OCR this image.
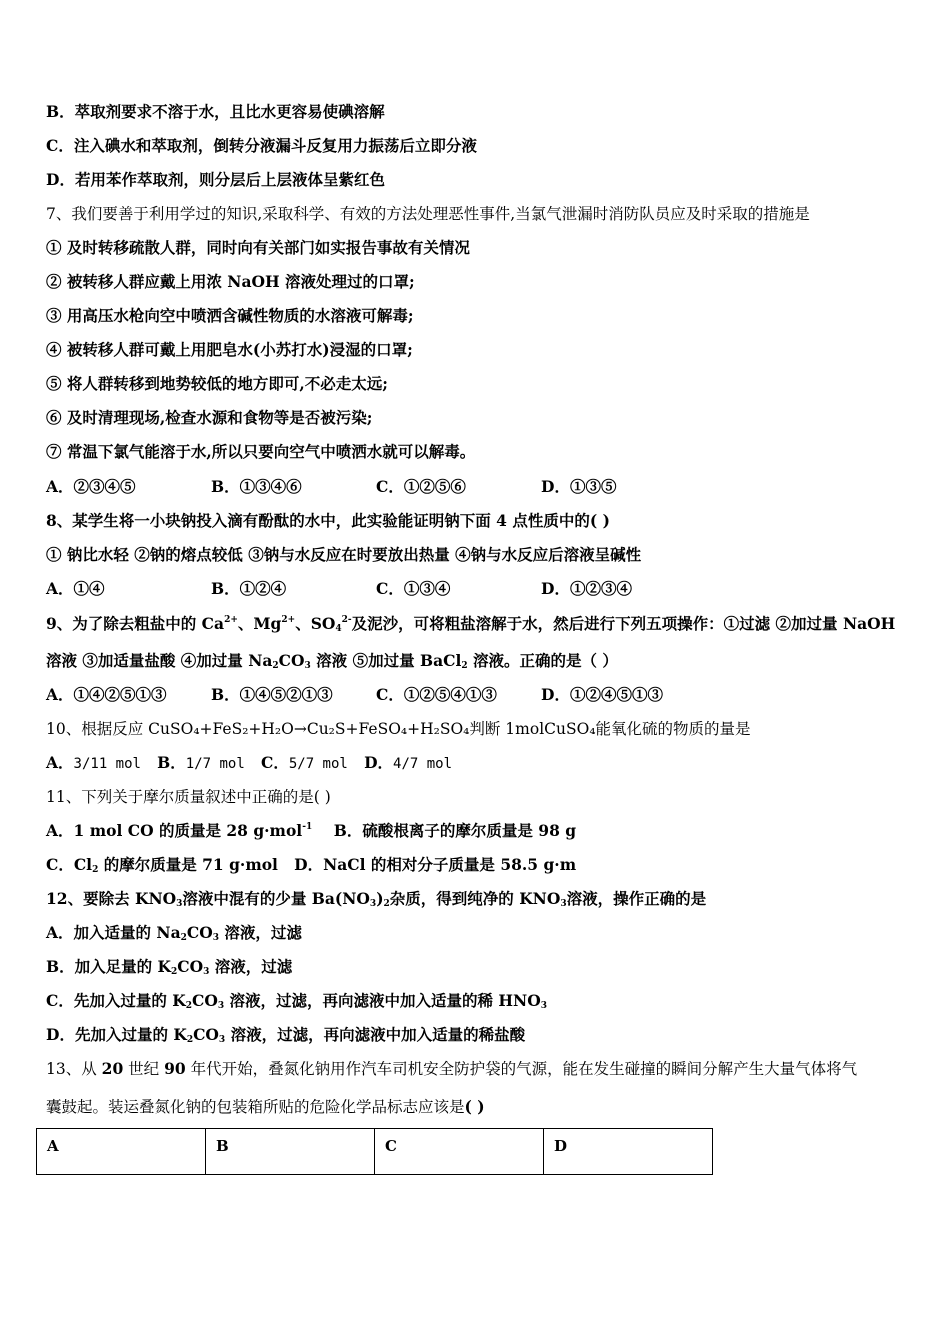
B．萃取剂要求不溶于水，且比水更容易使碘溶解
C．注入碘水和萃取剂，倒转分液漏斗反复用力振荡后立即分液
D．若用苯作萃取剂，则分层后上层液体呈紫红色
7、我们要善于利用学过的知识,采取科学、有效的方法处理恶性事件,当氯气泄漏时消防队员应及时采取的措施是
① 及时转移疏散人群，同时向有关部门如实报告事故有关情况
② 被转移人群应戴上用浓 NaOH 溶液处理过的口罩;
③ 用高压水枪向空中喷洒含碱性物质的水溶液可解毒;
④ 被转移人群可戴上用肥皂水(小苏打水)浸湿的口罩;
⑤ 将人群转移到地势较低的地方即可,不必走太远;
⑥ 及时清理现场,检查水源和食物等是否被污染;
⑦ 常温下氯气能溶于水,所以只要向空气中喷洒水就可以解毒。
A．②③④⑤	B．①③④⑥	C．①②⑤⑥	D．①③⑤
8、某学生将一小块钠投入滴有酚酞的水中，此实验能证明钠下面 4 点性质中的( )
① 钠比水轻 ②钠的熔点较低 ③钠与水反应在时要放出热量 ④钠与水反应后溶液呈碱性
A．①④	B．①②④	C．①③④	D．①②③④
9、为了除去粗盐中的 $Ca^{2+}$、$Mg^{2+}$、$SO_4^{2-}$及泥沙，可将粗盐溶解于水，然后进行下列五项操作：①过滤 ②加过量 NaOH
溶液 ③加适量盐酸 ④加过量 $Na_2CO_3$ 溶液 ⑤加过量 BaCl$_2$ 溶液。正确的是（ ）
A．①④②⑤①③	B．①④⑤②①③	C．①②⑤④①③	D．①②④⑤①③
10、根据反应 CuSO₄+FeS₂+H₂O→Cu₂S+FeSO₄+H₂SO₄判断 1molCuSO₄能氧化硫的物质的量是
A．3/11 mol B．1/7 mol C．5/7 mol D．4/7 mol
11、下列关于摩尔质量叙述中正确的是( )
A．1 mol CO 的质量是 28 g·mol$^{-1}$ B．硫酸根离子的摩尔质量是 98 g
C．$Cl_2$ 的摩尔质量是 71 g·mol D．NaCl 的相对分子质量是 58.5 g·m
12、要除去 $KNO_3$溶液中混有的少量 $Ba(NO_3)_2$杂质，得到纯净的 $KNO_3$溶液，操作正确的是
A．加入适量的 $Na_2CO_3$ 溶液，过滤
B．加入足量的 $K_2CO_3$ 溶液，过滤
C．先加入过量的 $K_2CO_3$ 溶液，过滤，再向滤液中加入适量的稀 $HNO_3$
D．先加入过量的 $K_2CO_3$ 溶液，过滤，再向滤液中加入适量的稀盐酸
13、从 20 世纪 90 年代开始，叠氮化钠用作汽车司机安全防护袋的气源，能在发生碰撞的瞬间分解产生大量气体将气
囊鼓起。装运叠氮化钠的包装箱所贴的危险化学品标志应该是( )
A	B	C	D
